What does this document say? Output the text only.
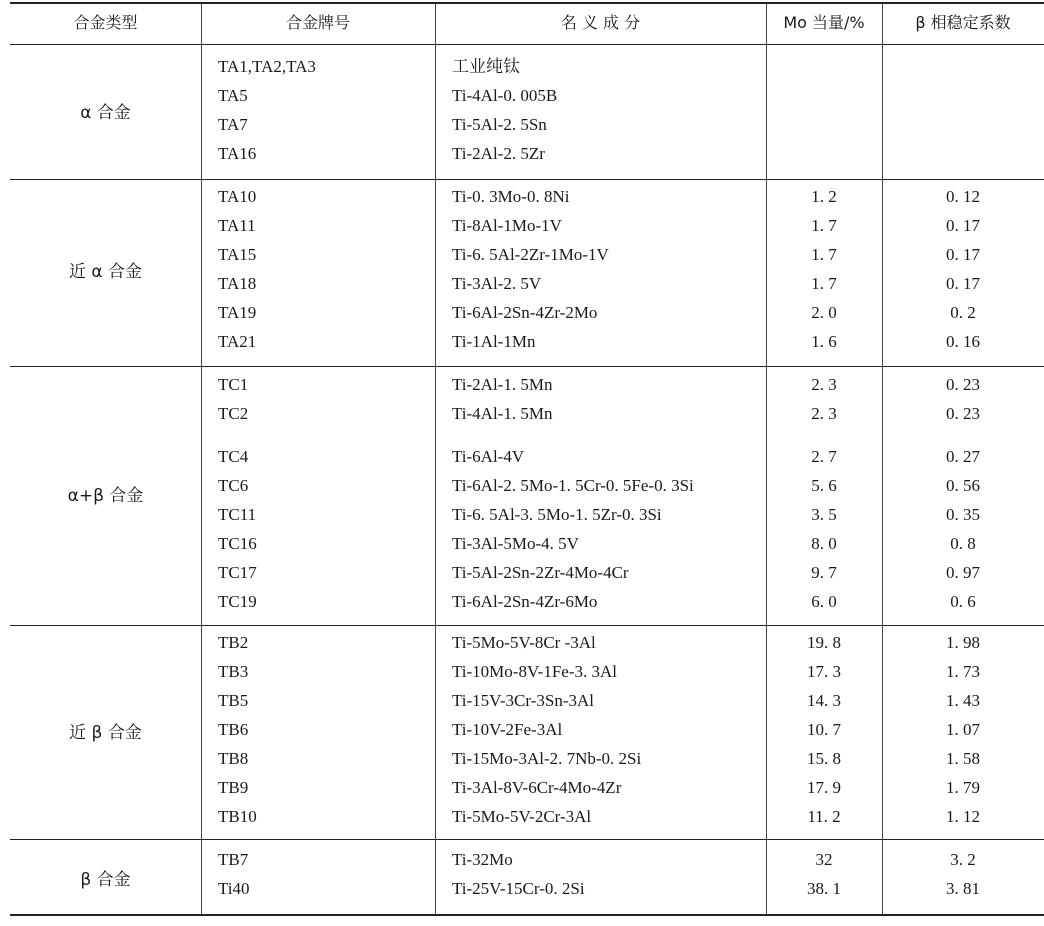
合金类型	合金牌号	名 义 成 分	Mo 当量/%	β 相稳定系数
α 合金
TA1,TA2,TA3	工业纯钛
TA5	Ti-4Al-0. 005B
TA7	Ti-5Al-2. 5Sn
TA16	Ti-2Al-2. 5Zr
近 α 合金
TA10	Ti-0. 3Mo-0. 8Ni	1. 2	0. 12
TA11	Ti-8Al-1Mo-1V	1. 7	0. 17
TA15	Ti-6. 5Al-2Zr-1Mo-1V	1. 7	0. 17
TA18	Ti-3Al-2. 5V	1. 7	0. 17
TA19	Ti-6Al-2Sn-4Zr-2Mo	2. 0	0. 2
TA21	Ti-1Al-1Mn	1. 6	0. 16
α+β 合金
TC1	Ti-2Al-1. 5Mn	2. 3	0. 23
TC2	Ti-4Al-1. 5Mn	2. 3	0. 23
TC4	Ti-6Al-4V	2. 7	0. 27
TC6	Ti-6Al-2. 5Mo-1. 5Cr-0. 5Fe-0. 3Si	5. 6	0. 56
TC11	Ti-6. 5Al-3. 5Mo-1. 5Zr-0. 3Si	3. 5	0. 35
TC16	Ti-3Al-5Mo-4. 5V	8. 0	0. 8
TC17	Ti-5Al-2Sn-2Zr-4Mo-4Cr	9. 7	0. 97
TC19	Ti-6Al-2Sn-4Zr-6Mo	6. 0	0. 6
近 β 合金
TB2	Ti-5Mo-5V-8Cr -3Al	19. 8	1. 98
TB3	Ti-10Mo-8V-1Fe-3. 3Al	17. 3	1. 73
TB5	Ti-15V-3Cr-3Sn-3Al	14. 3	1. 43
TB6	Ti-10V-2Fe-3Al	10. 7	1. 07
TB8	Ti-15Mo-3Al-2. 7Nb-0. 2Si	15. 8	1. 58
TB9	Ti-3Al-8V-6Cr-4Mo-4Zr	17. 9	1. 79
TB10	Ti-5Mo-5V-2Cr-3Al	11. 2	1. 12
β 合金
TB7	Ti-32Mo	32	3. 2
Ti40	Ti-25V-15Cr-0. 2Si	38. 1	3. 81
